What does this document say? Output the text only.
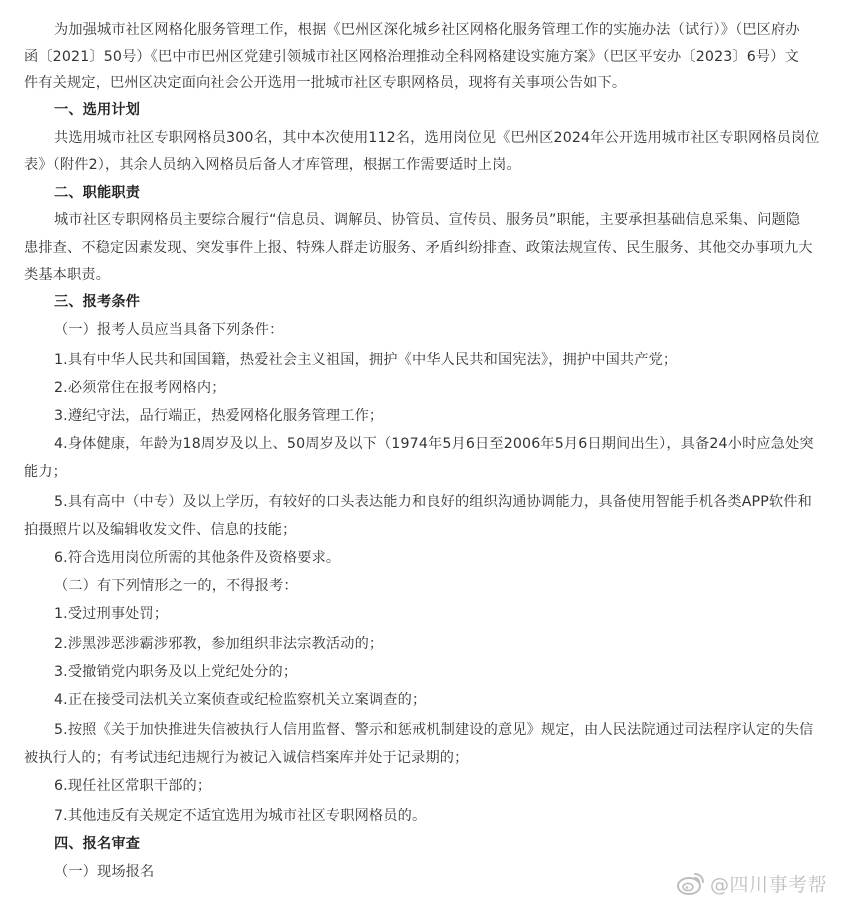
为加强城市社区网格化服务管理工作，根据《巴州区深化城乡社区网格化服务管理工作的实施办法（试行）》（巴区府办
函〔2021〕50号）《巴中市巴州区党建引领城市社区网格治理推动全科网格建设实施方案》（巴区平安办〔2023〕6号）文
件有关规定，巴州区决定面向社会公开选用一批城市社区专职网格员，现将有关事项公告如下。
一、选用计划
共选用城市社区专职网格员300名，其中本次使用112名，选用岗位见《巴州区2024年公开选用城市社区专职网格员岗位
表》（附件2），其余人员纳入网格员后备人才库管理，根据工作需要适时上岗。
二、职能职责
城市社区专职网格员主要综合履行“信息员、调解员、协管员、宣传员、服务员”职能，主要承担基础信息采集、问题隐
患排查、不稳定因素发现、突发事件上报、特殊人群走访服务、矛盾纠纷排查、政策法规宣传、民生服务、其他交办事项九大
类基本职责。
三、报考条件
（一）报考人员应当具备下列条件：
1.具有中华人民共和国国籍，热爱社会主义祖国，拥护《中华人民共和国宪法》，拥护中国共产党；
2.必须常住在报考网格内；
3.遵纪守法，品行端正，热爱网格化服务管理工作；
4.身体健康，年龄为18周岁及以上、50周岁及以下（1974年5月6日至2006年5月6日期间出生），具备24小时应急处突
能力；
5.具有高中（中专）及以上学历，有较好的口头表达能力和良好的组织沟通协调能力，具备使用智能手机各类APP软件和
拍摄照片以及编辑收发文件、信息的技能；
6.符合选用岗位所需的其他条件及资格要求。
（二）有下列情形之一的，不得报考：
1.受过刑事处罚；
2.涉黑涉恶涉霸涉邪教，参加组织非法宗教活动的；
3.受撤销党内职务及以上党纪处分的；
4.正在接受司法机关立案侦查或纪检监察机关立案调查的；
5.按照《关于加快推进失信被执行人信用监督、警示和惩戒机制建设的意见》规定，由人民法院通过司法程序认定的失信
被执行人的；有考试违纪违规行为被记入诚信档案库并处于记录期的；
6.现任社区常职干部的；
7.其他违反有关规定不适宜选用为城市社区专职网格员的。
四、报名审查
（一）现场报名
@四川事考帮
